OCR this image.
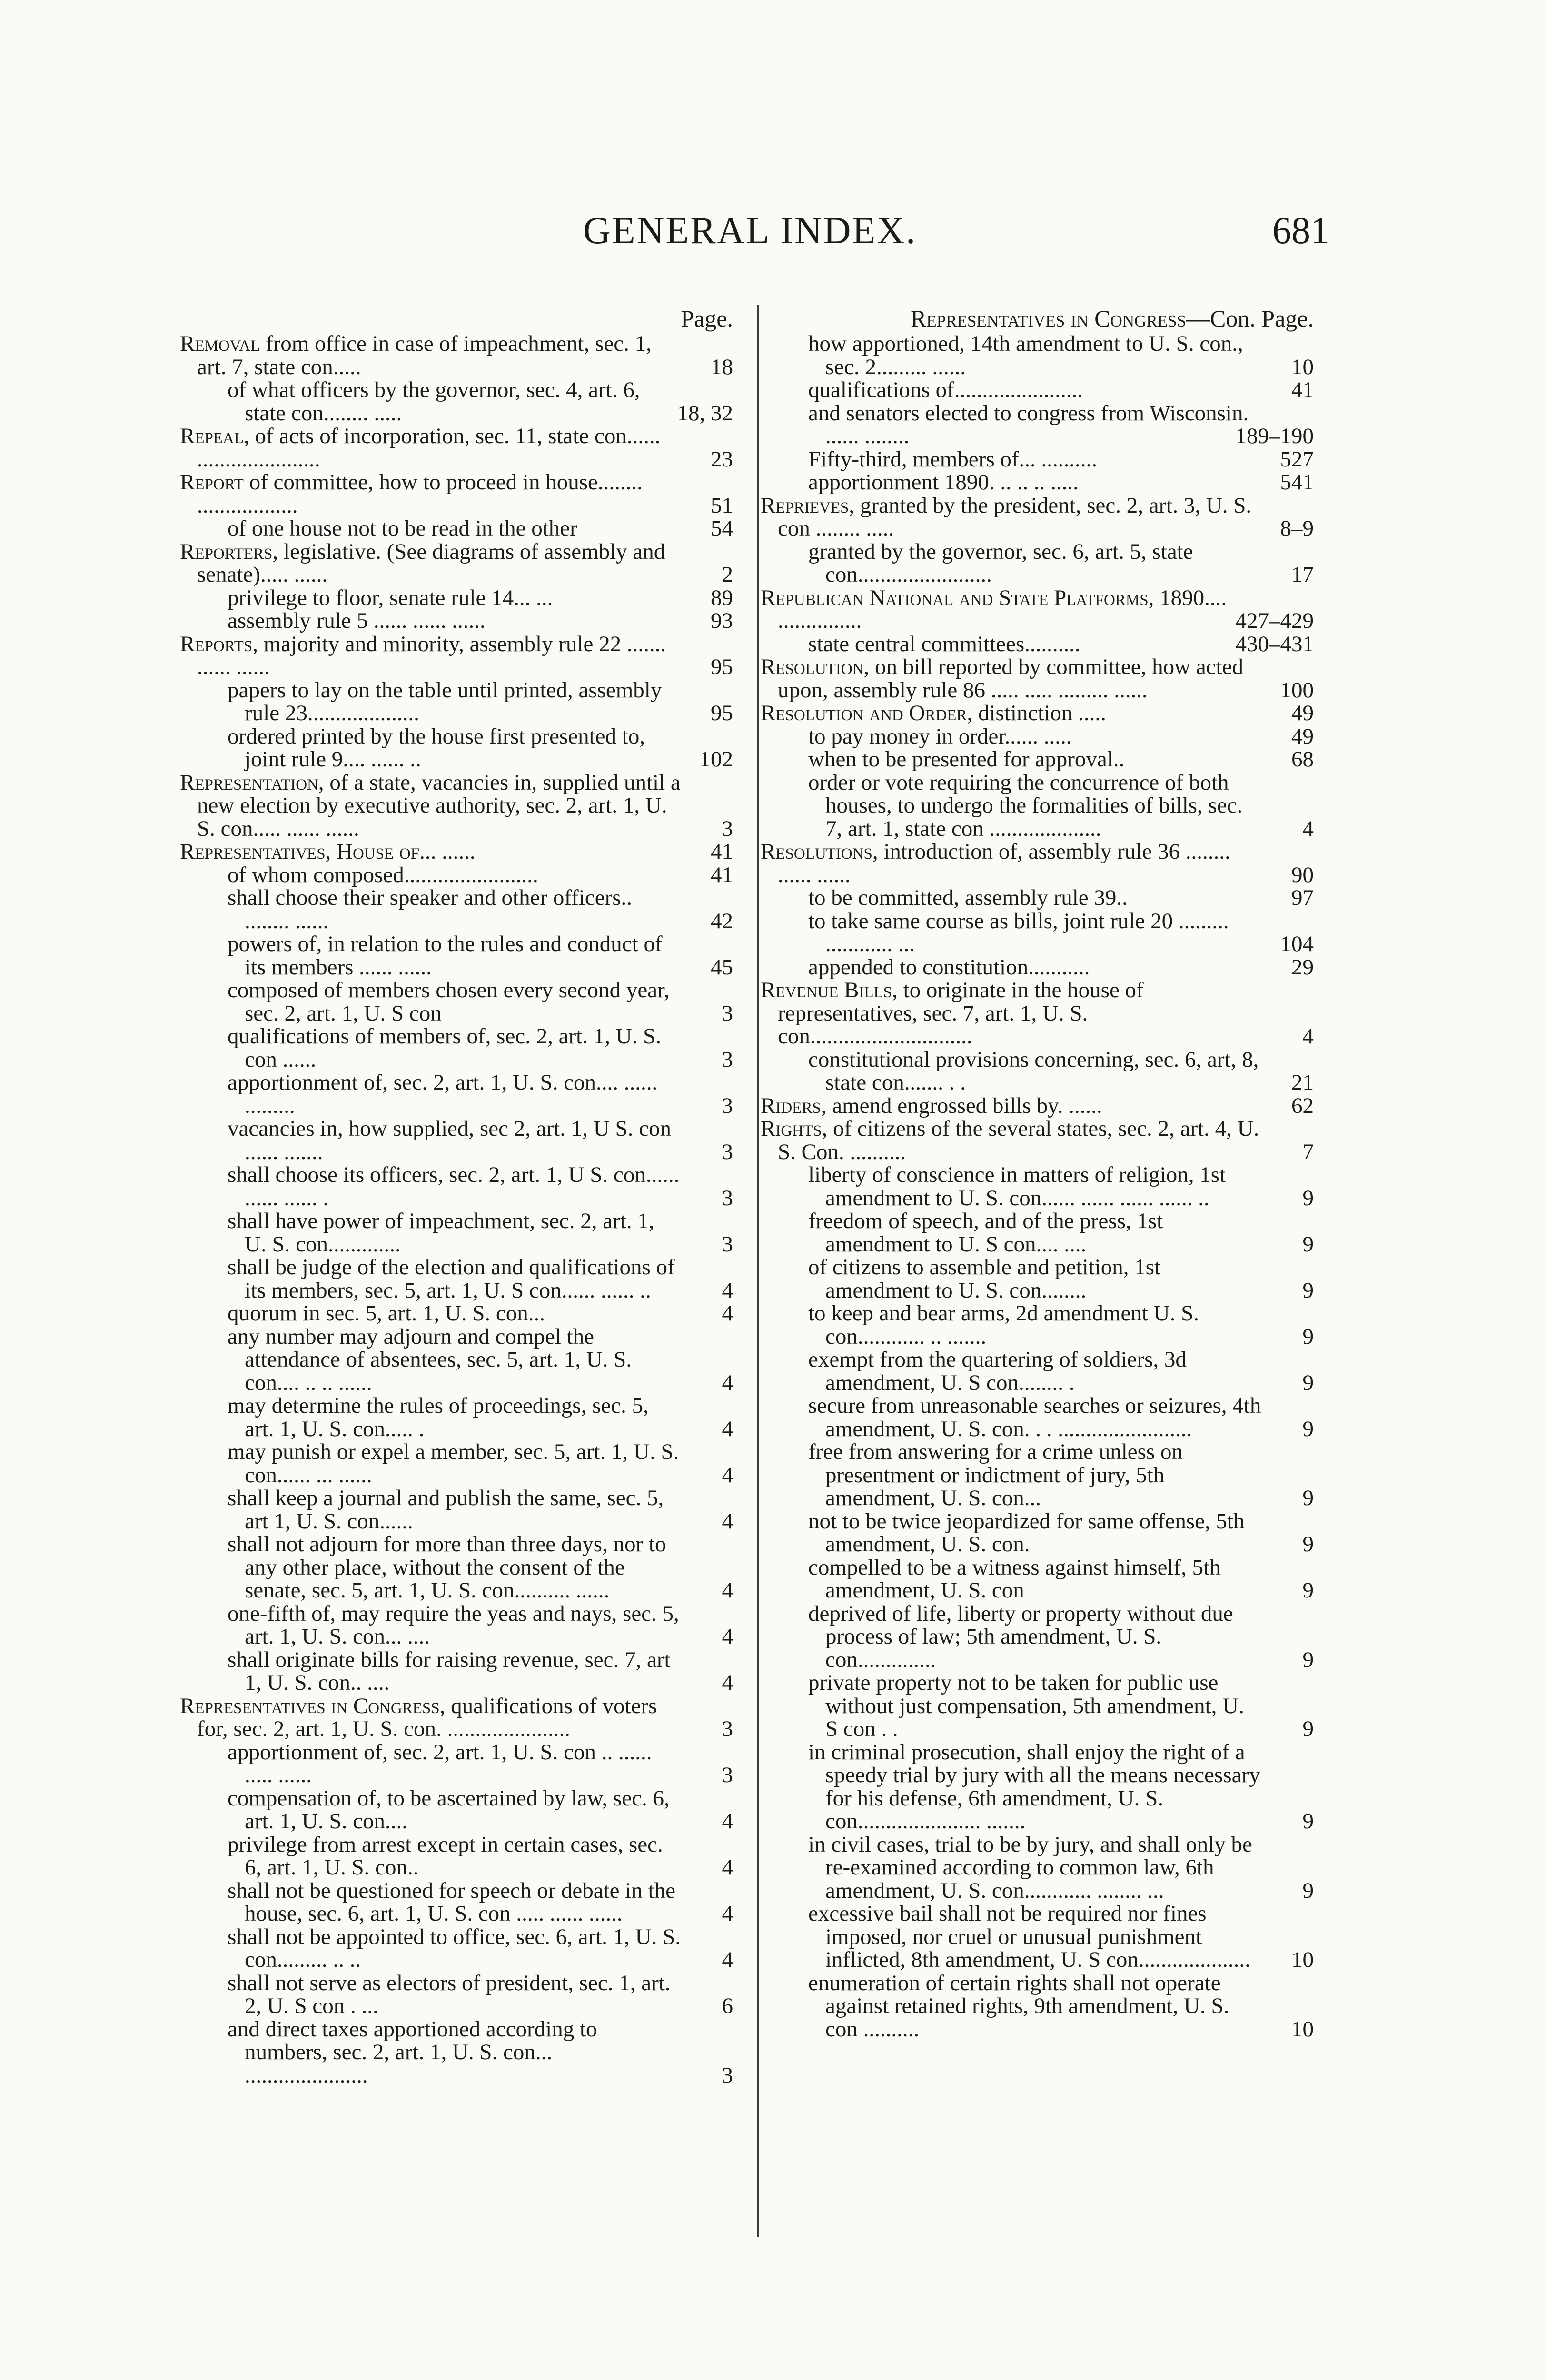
GENERAL INDEX.	681
Page.
Removal from office in case of impeachment, sec. 1, art. 7, state con.....	18
of what officers by the governor, sec. 4, art. 6, state con........ .....	18, 32
Repeal, of acts of incorporation, sec. 11, state con...... ......................	23
Report of committee, how to proceed in house........ ..................	51
of one house not to be read in the other	54
Reporters, legislative. (See diagrams of assembly and senate)..... ......	2
privilege to floor, senate rule 14... ...	89
assembly rule 5 ...... ...... ......	93
Reports, majority and minority, assembly rule 22 ....... ...... ......	95
papers to lay on the table until printed, assembly rule 23....................	95
ordered printed by the house first presented to, joint rule 9.... ...... ..	102
Representation, of a state, vacancies in, supplied until a new election by executive authority, sec. 2, art. 1, U. S. con..... ...... ......	3
Representatives, House of... ......	41
of whom composed........................	41
shall choose their speaker and other officers.. ........ ......	42
powers of, in relation to the rules and conduct of its members ...... ......	45
composed of members chosen every second year, sec. 2, art. 1, U. S con	3
qualifications of members of, sec. 2, art. 1, U. S. con ......	3
apportionment of, sec. 2, art. 1, U. S. con.... ...... .........	3
vacancies in, how supplied, sec 2, art. 1, U S. con ...... .......	3
shall choose its officers, sec. 2, art. 1, U S. con...... ...... ...... .	3
shall have power of impeachment, sec. 2, art. 1, U. S. con.............	3
shall be judge of the election and qualifications of its members, sec. 5, art. 1, U. S con...... ...... ..	4
quorum in sec. 5, art. 1, U. S. con...	4
any number may adjourn and compel the attendance of absentees, sec. 5, art. 1, U. S. con.... .. .. ......	4
may determine the rules of proceedings, sec. 5, art. 1, U. S. con..... .	4
may punish or expel a member, sec. 5, art. 1, U. S. con...... ... ......	4
shall keep a journal and publish the same, sec. 5, art 1, U. S. con......	4
shall not adjourn for more than three days, nor to any other place, without the consent of the senate, sec. 5, art. 1, U. S. con.......... ......	4
one-fifth of, may require the yeas and nays, sec. 5, art. 1, U. S. con... ....	4
shall originate bills for raising revenue, sec. 7, art 1, U. S. con.. ....	4
Representatives in Congress, qualifications of voters for, sec. 2, art. 1, U. S. con. ......................	3
apportionment of, sec. 2, art. 1, U. S. con .. ...... ..... ......	3
compensation of, to be ascertained by law, sec. 6, art. 1, U. S. con....	4
privilege from arrest except in certain cases, sec. 6, art. 1, U. S. con..	4
shall not be questioned for speech or debate in the house, sec. 6, art. 1, U. S. con ..... ...... ......	4
shall not be appointed to office, sec. 6, art. 1, U. S. con......... .. ..	4
shall not serve as electors of president, sec. 1, art. 2, U. S con . ...	6
and direct taxes apportioned according to numbers, sec. 2, art. 1, U. S. con... ......................	3
Representatives in Congress—Con. Page.
how apportioned, 14th amendment to U. S. con., sec. 2......... ......	10
qualifications of.......................	41
and senators elected to congress from Wisconsin. ...... ........	189–190
Fifty-third, members of... ..........	527
apportionment 1890. .. .. .. .....	541
Reprieves, granted by the president, sec. 2, art. 3, U. S. con ........ .....	8–9
granted by the governor, sec. 6, art. 5, state con........................	17
Republican National and State Platforms, 1890.... ...............	427–429
state central committees..........	430–431
Resolution, on bill reported by committee, how acted upon, assembly rule 86 ..... ..... ......... ......	100
Resolution and Order, distinction .....	49
to pay money in order...... .....	49
when to be presented for approval..	68
order or vote requiring the concurrence of both houses, to undergo the formalities of bills, sec. 7, art. 1, state con ....................	4
Resolutions, introduction of, assembly rule 36 ........ ...... ......	90
to be committed, assembly rule 39..	97
to take same course as bills, joint rule 20 ......... ............ ...	104
appended to constitution...........	29
Revenue Bills, to originate in the house of representatives, sec. 7, art. 1, U. S. con.............................	4
constitutional provisions concerning, sec. 6, art, 8, state con....... . .	21
Riders, amend engrossed bills by. ......	62
Rights, of citizens of the several states, sec. 2, art. 4, U. S. Con. ..........	7
liberty of conscience in matters of religion, 1st amendment to U. S. con...... ...... ...... ...... ..	9
freedom of speech, and of the press, 1st amendment to U. S con.... ....	9
of citizens to assemble and petition, 1st amendment to U. S. con........	9
to keep and bear arms, 2d amendment U. S. con............ .. .......	9
exempt from the quartering of soldiers, 3d amendment, U. S con........ .	9
secure from unreasonable searches or seizures, 4th amendment, U. S. con. . . ........................	9
free from answering for a crime unless on presentment or indictment of jury, 5th amendment, U. S. con...	9
not to be twice jeopardized for same offense, 5th amendment, U. S. con.	9
compelled to be a witness against himself, 5th amendment, U. S. con	9
deprived of life, liberty or property without due process of law; 5th amendment, U. S. con..............	9
private property not to be taken for public use without just compensation, 5th amendment, U. S con . .	9
in criminal prosecution, shall enjoy the right of a speedy trial by jury with all the means necessary for his defense, 6th amendment, U. S. con...................... .......	9
in civil cases, trial to be by jury, and shall only be re-examined according to common law, 6th amendment, U. S. con............ ........ ...	9
excessive bail shall not be required nor fines imposed, nor cruel or unusual punishment inflicted, 8th amendment, U. S con.................... 10
enumeration of certain rights shall not operate against retained rights, 9th amendment, U. S. con ..........	10
